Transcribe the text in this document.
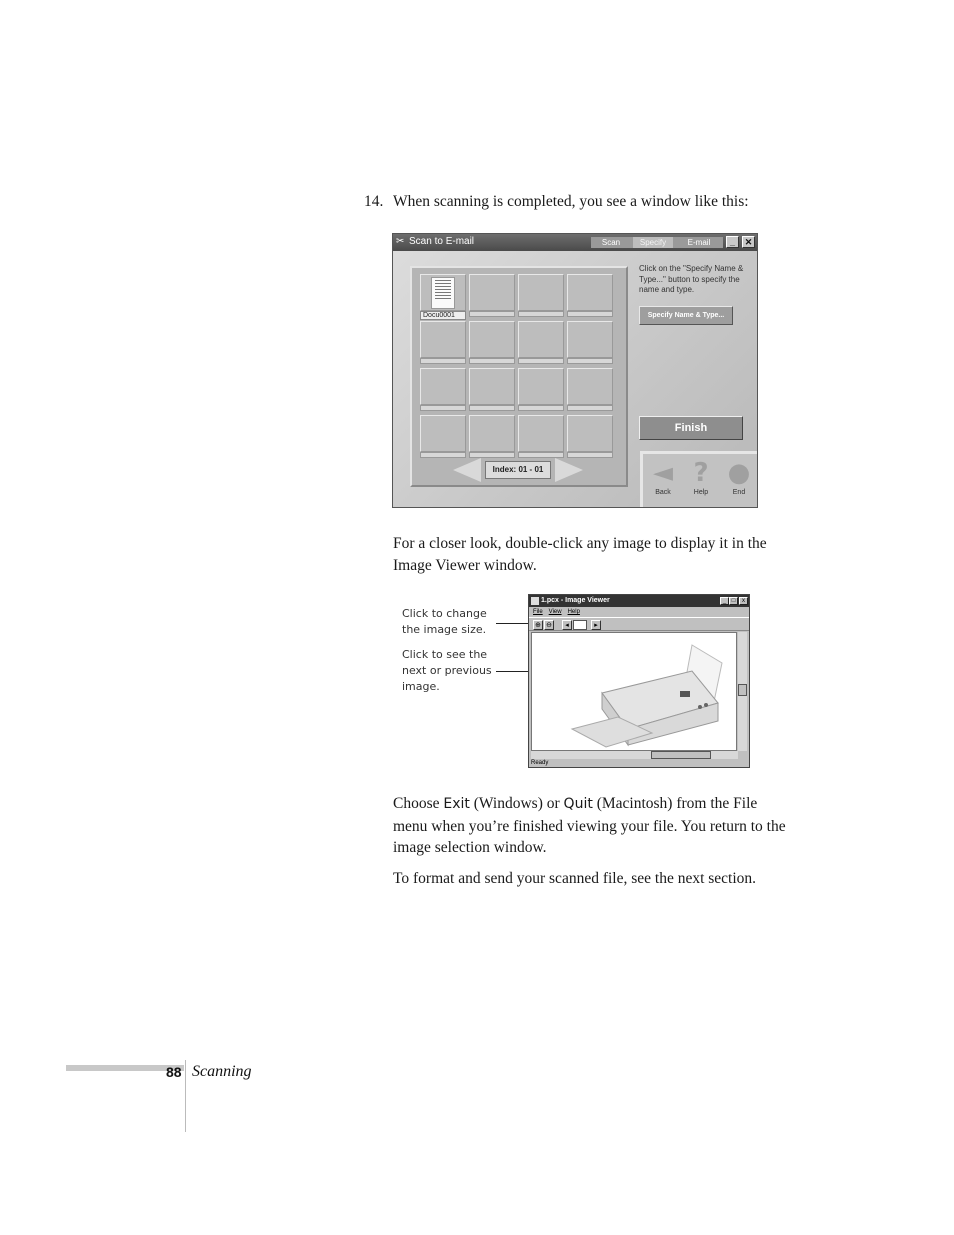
14. When scanning is completed, you see a window like this:
✂ Scan to E-mail	Scan	Specify	E-mail	_	✕
Docu0001
Index: 01 - 01
Click on the "Specify Name & Type..." button to specify the name and type.
Specify Name & Type...
Finish
◄
Back
?
Help
●
End
For a closer look, double-click any image to display it in the Image Viewer window.
Click to change the image size.
Click to see the next or previous image.
1.pcx - Image Viewer	_ □	x
File View Help
⊕ ⊖	◂	▸
Ready
Choose Exit (Windows) or Quit (Macintosh) from the File menu when you’re finished viewing your file. You return to the image selection window.
To format and send your scanned file, see the next section.
88 Scanning
